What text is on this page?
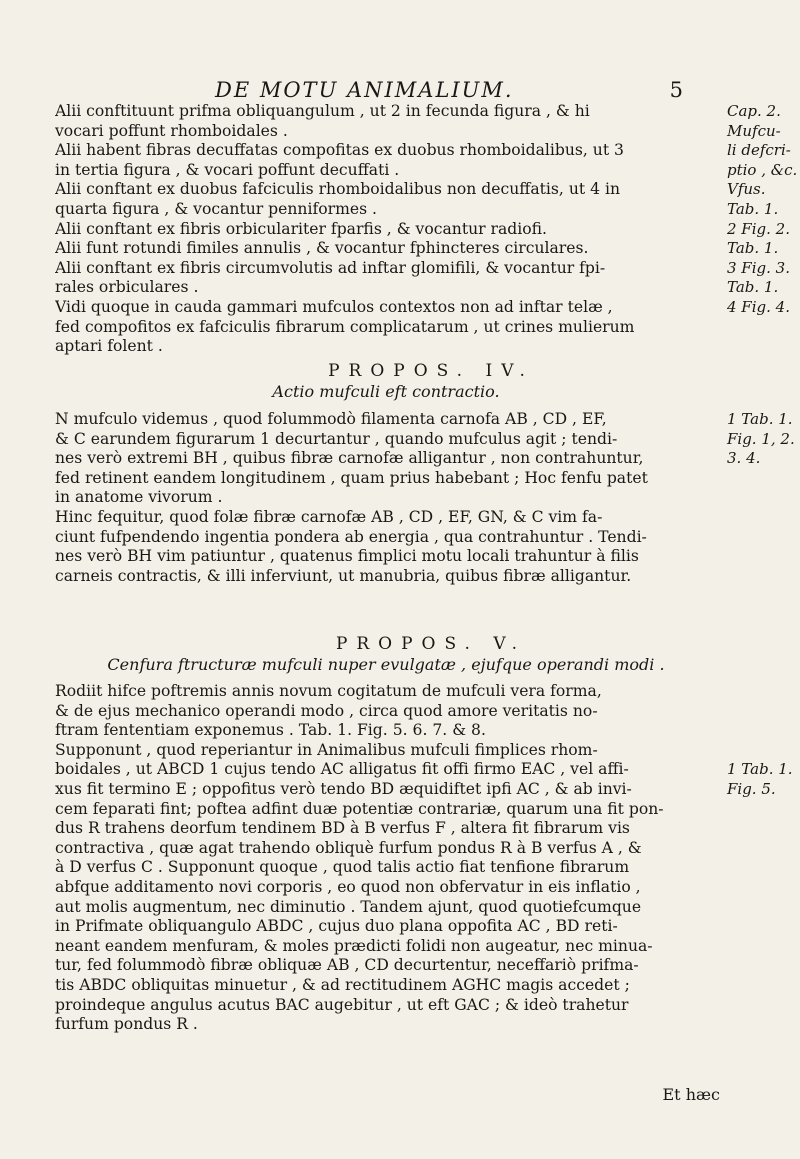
DE MOTU ANIMALIUM.	5
Alii conftituunt prifma obliquangulum , ut 2 in fecunda figura , & hi
vocari poffunt rhomboidales .
Alii habent fibras decuffatas compofitas ex duobus rhomboidalibus, ut 3
in tertia figura , & vocari poffunt decuffati .
Alii conftant ex duobus fafciculis rhomboidalibus non decuffatis, ut 4 in
quarta figura , & vocantur penniformes .
Alii conftant ex fibris orbiculariter fparfis , & vocantur radiofi.
Alii funt rotundi fimiles annulis , & vocantur fphincteres circulares.
Alii conftant ex fibris circumvolutis ad inftar glomifili, & vocantur fpi-
rales orbiculares .
Vidi quoque in cauda gammari mufculos contextos non ad inftar telæ ,
fed compofitos ex fafciculis fibrarum complicatarum , ut crines mulierum
aptari folent .
Cap. 2.
Mufcu-
li defcri-
ptio , &c.
Vfus.
Tab. 1.
2 Fig. 2.
Tab. 1.
3 Fig. 3.
Tab. 1.
4 Fig. 4.
PROPOS. IV.
Actio mufculi eft contractio.
N mufculo videmus , quod folummodò filamenta carnofa AB , CD , EF,
& C earundem figurarum 1 decurtantur , quando mufculus agit ; tendi-
nes verò extremi BH , quibus fibræ carnofæ alligantur , non contrahuntur,
fed retinent eandem longitudinem , quam prius habebant ; Hoc fenfu patet
in anatome vivorum .
Hinc fequitur, quod folæ fibræ carnofæ AB , CD , EF, GN, & C vim fa-
ciunt fufpendendo ingentia pondera ab energia , qua contrahuntur . Tendi-
nes verò BH vim patiuntur , quatenus fimplici motu locali trahuntur à filis
carneis contractis, & illi inferviunt, ut manubria, quibus fibræ alligantur.
1 Tab. 1.
Fig. 1, 2.
3. 4.
PROPOS. V.
Cenfura ftructuræ mufculi nuper evulgatæ , ejufque operandi modi .
Rodiit hifce poftremis annis novum cogitatum de mufculi vera forma,
& de ejus mechanico operandi modo , circa quod amore veritatis no-
ftram fententiam exponemus . Tab. 1. Fig. 5. 6. 7. & 8.
Supponunt , quod reperiantur in Animalibus mufculi fimplices rhom-
boidales , ut ABCD 1 cujus tendo AC alligatus fit offi firmo EAC , vel affi-
xus fit termino E ; oppofitus verò tendo BD æquidiftet ipfi AC , & ab invi-
cem feparati fint; poftea adfint duæ potentiæ contrariæ, quarum una fit pon-
dus R trahens deorfum tendinem BD à B verfus F , altera fit fibrarum vis
contractiva , quæ agat trahendo obliquè furfum pondus R à B verfus A , &
à D verfus C . Supponunt quoque , quod talis actio fiat tenfione fibrarum
abfque additamento novi corporis , eo quod non obfervatur in eis inflatio ,
aut molis augmentum, nec diminutio . Tandem ajunt, quod quotiefcumque
in Prifmate obliquangulo ABDC , cujus duo plana oppofita AC , BD reti-
neant eandem menfuram, & moles prædicti folidi non augeatur, nec minua-
tur, fed folummodò fibræ obliquæ AB , CD decurtentur, neceffariò prifma-
tis ABDC obliquitas minuetur , & ad rectitudinem AGHC magis accedet ;
proindeque angulus acutus BAC augebitur , ut eft GAC ; & ideò trahetur
furfum pondus R .
1 Tab. 1.
Fig. 5.
Et hæc
